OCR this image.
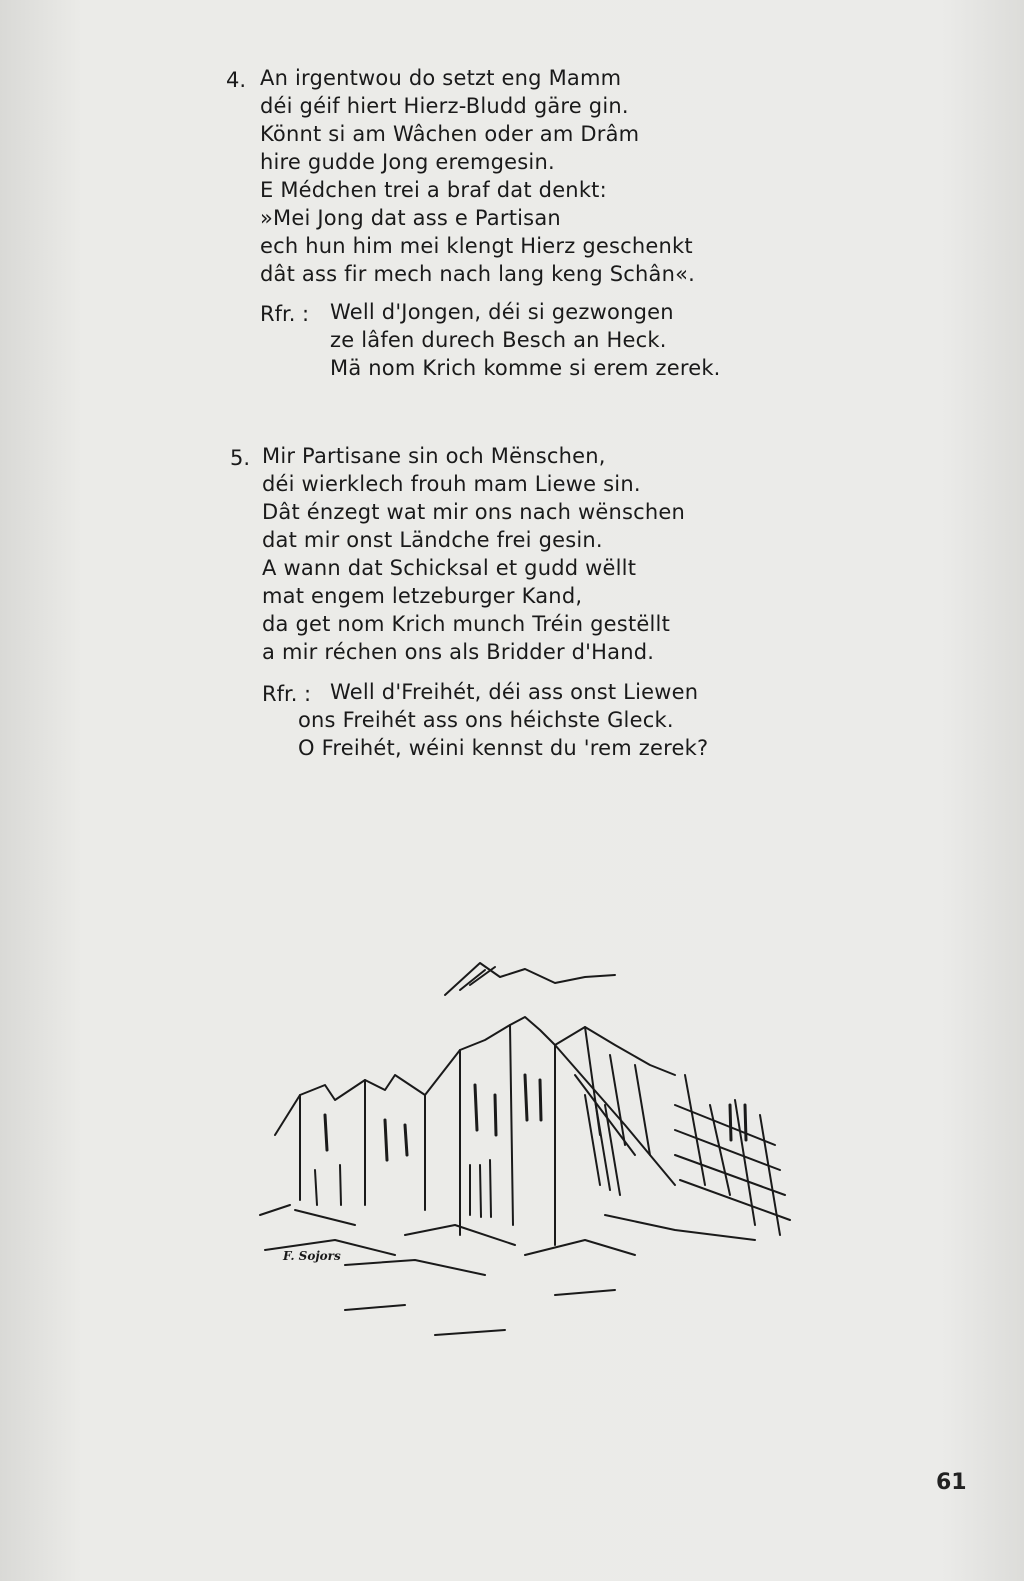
4. An irgentwou do setzt eng Mamm
déi géif hiert Hierz-Bludd gäre gin.
Könnt si am Wâchen oder am Drâm
hire gudde Jong eremgesin.
E Médchen trei a braf dat denkt:
»Mei Jong dat ass e Partisan
ech hun him mei klengt Hierz geschenkt
dât ass fir mech nach lang keng Schân«.
Rfr. : Well d'Jongen, déi si gezwongen
ze lâfen durech Besch an Heck.
Mä nom Krich komme si erem zerek.
5. Mir Partisane sin och Mënschen,
déi wierklech frouh mam Liewe sin.
Dât énzegt wat mir ons nach wënschen
dat mir onst Ländche frei gesin.
A wann dat Schicksal et gudd wëllt
mat engem letzeburger Kand,
da get nom Krich munch Tréin gestëllt
a mir réchen ons als Bridder d'Hand.
Rfr. : Well d'Freihét, déi ass onst Liewen
ons Freihét ass ons héichste Gleck.
O Freihét, wéini kennst du 'rem zerek?
F. Sojors
61
